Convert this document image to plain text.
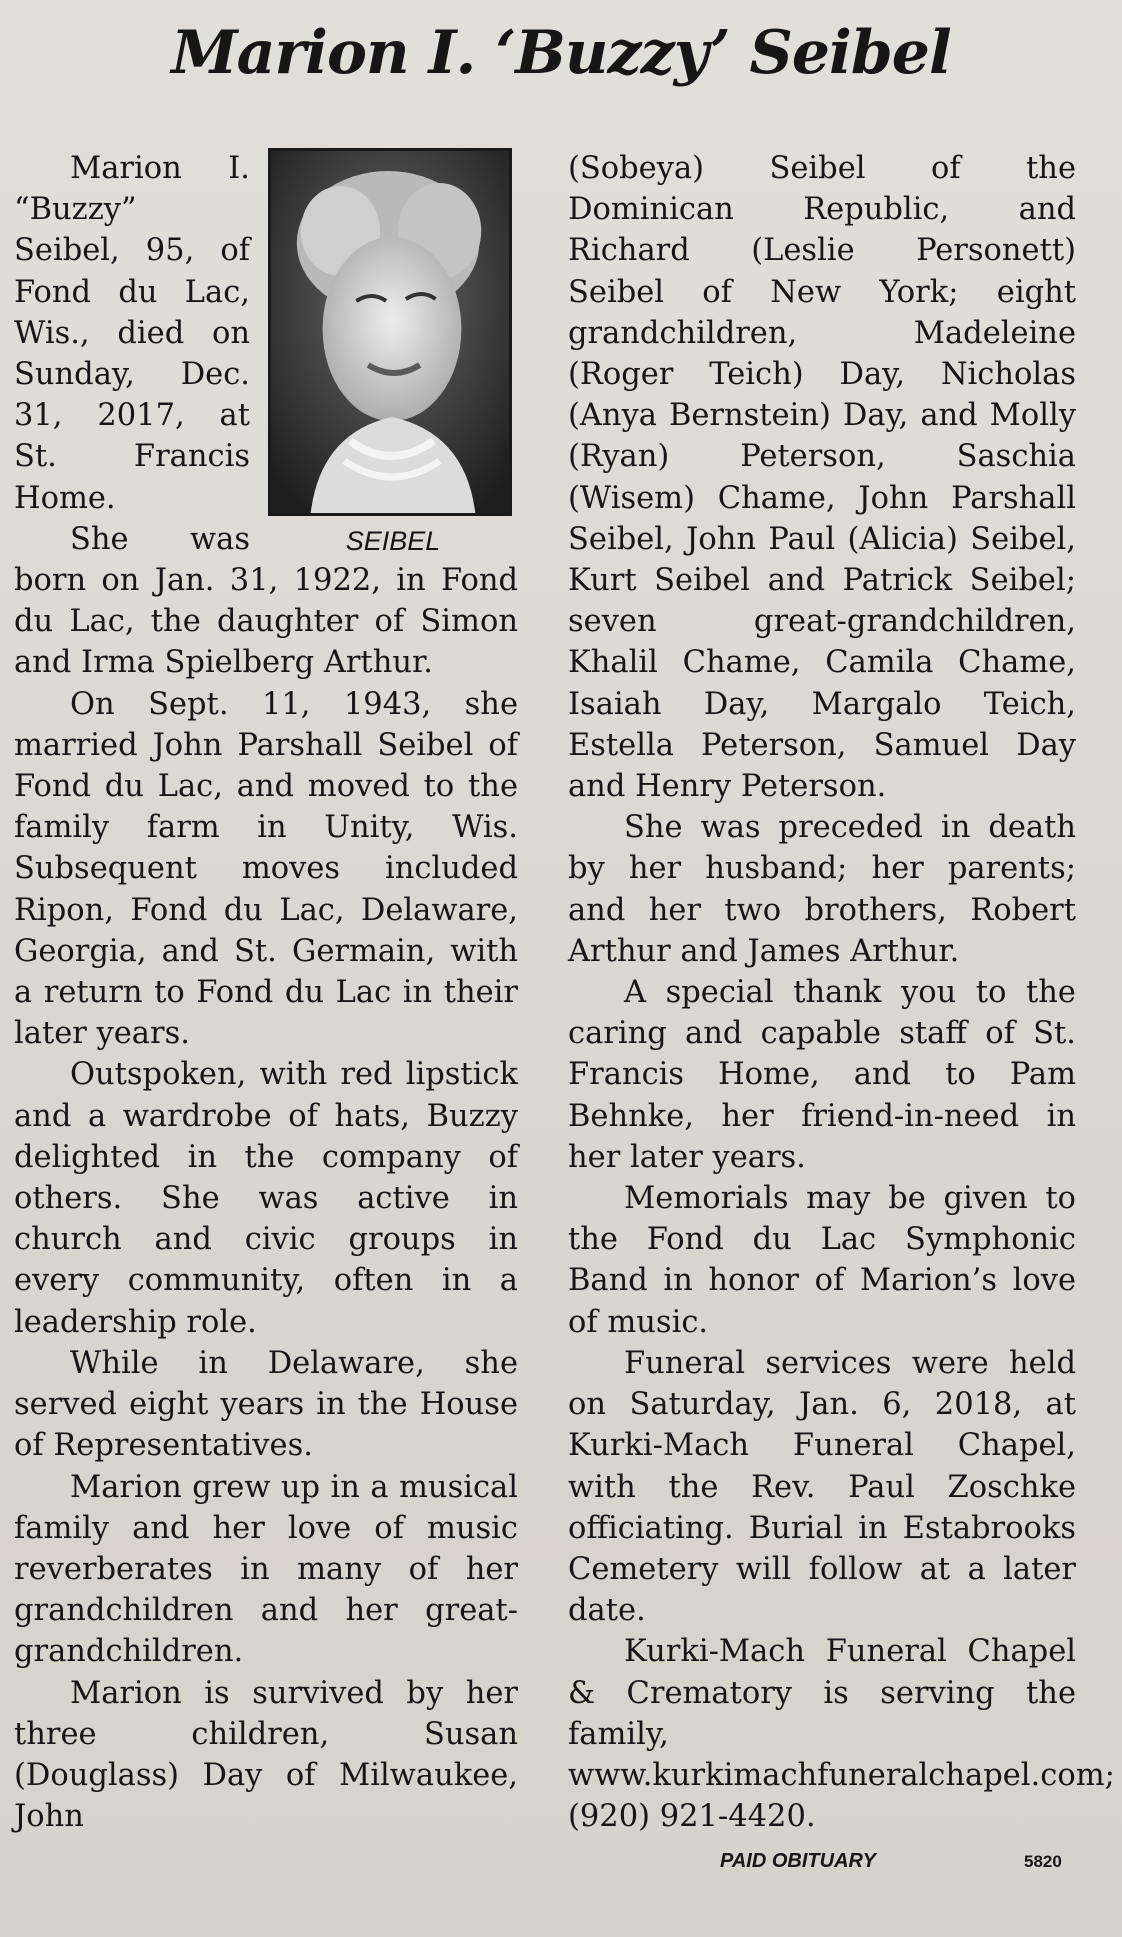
Marion I. ‘Buzzy’ Seibel
SEIBEL

Marion I. “Buzzy” Seibel, 95, of Fond du Lac, Wis., died on Sunday, Dec. 31, 2017, at St. Francis Home.

She was born on Jan. 31, 1922, in Fond du Lac, the daughter of Simon and Irma Spielberg Arthur.

On Sept. 11, 1943, she married John Parshall Seibel of Fond du Lac, and moved to the family farm in Unity, Wis. Subsequent moves included Ripon, Fond du Lac, Delaware, Georgia, and St. Germain, with a return to Fond du Lac in their later years.

Outspoken, with red lipstick and a wardrobe of hats, Buzzy delighted in the company of others. She was active in church and civic groups in every community, often in a leadership role.

While in Delaware, she served eight years in the House of Representatives.

Marion grew up in a musical family and her love of music reverberates in many of her grandchildren and her great-grandchildren.

Marion is survived by her three children, Susan (Douglass) Day of Milwaukee, John

(Sobeya) Seibel of the Dominican Republic, and Richard (Leslie Personett) Seibel of New York; eight grandchildren, Madeleine (Roger Teich) Day, Nicholas (Anya Bernstein) Day, and Molly (Ryan) Peterson, Saschia (Wisem) Chame, John Parshall Seibel, John Paul (Alicia) Seibel, Kurt Seibel and Patrick Seibel; seven great-grandchildren, Khalil Chame, Camila Chame, Isaiah Day, Margalo Teich, Estella Peterson, Samuel Day and Henry Peterson.

She was preceded in death by her husband; her parents; and her two brothers, Robert Arthur and James Arthur.

A special thank you to the caring and capable staff of St. Francis Home, and to Pam Behnke, her friend-in-need in her later years.

Memorials may be given to the Fond du Lac Symphonic Band in honor of Marion’s love of music.

Funeral services were held on Saturday, Jan. 6, 2018, at Kurki-Mach Funeral Chapel, with the Rev. Paul Zoschke officiating. Burial in Estabrooks Cemetery will follow at a later date.

Kurki-Mach Funeral Chapel & Crematory is serving the family, www.kurkimachfuneralchapel.com; (920) 921-4420.

PAID OBITUARY	5820
